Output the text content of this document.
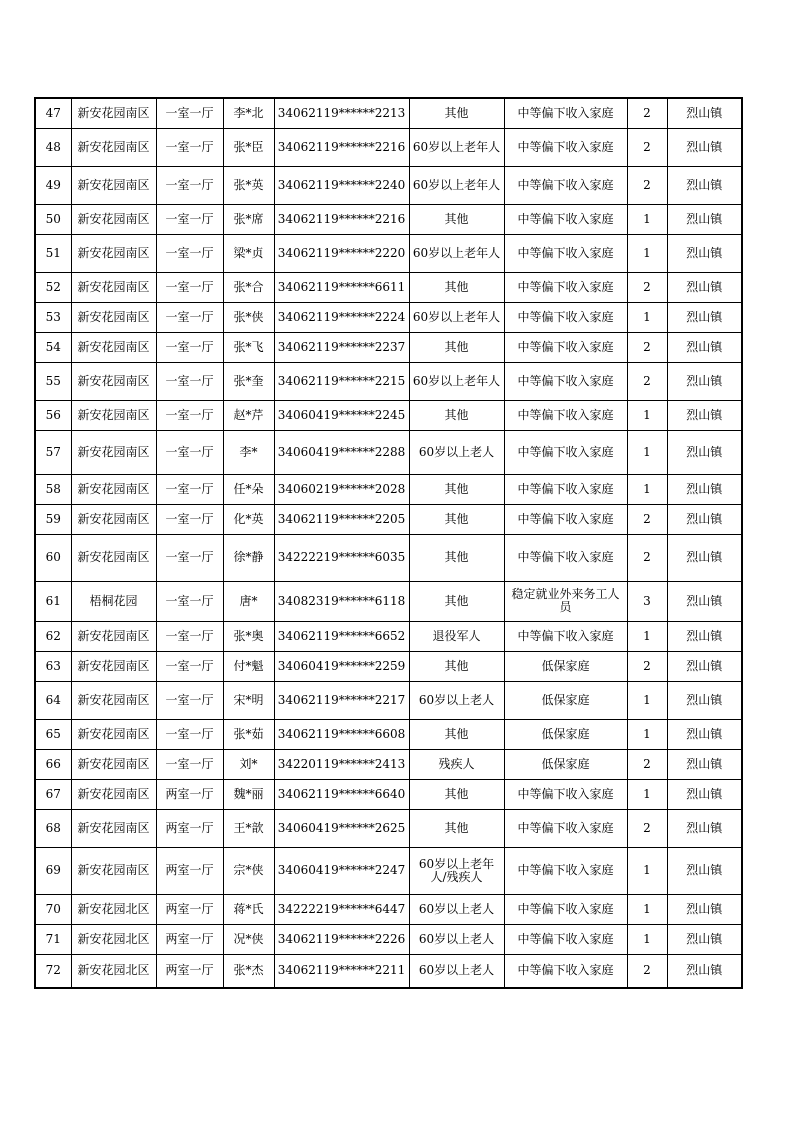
47	新安花园南区	一室一厅	李*北	34062119******2213	其他	中等偏下收入家庭	2	烈山镇
48	新安花园南区	一室一厅	张*臣	34062119******2216	60岁以上老年人	中等偏下收入家庭	2	烈山镇
49	新安花园南区	一室一厅	张*英	34062119******2240	60岁以上老年人	中等偏下收入家庭	2	烈山镇
50	新安花园南区	一室一厅	张*席	34062119******2216	其他	中等偏下收入家庭	1	烈山镇
51	新安花园南区	一室一厅	梁*贞	34062119******2220	60岁以上老年人	中等偏下收入家庭	1	烈山镇
52	新安花园南区	一室一厅	张*合	34062119******6611	其他	中等偏下收入家庭	2	烈山镇
53	新安花园南区	一室一厅	张*侠	34062119******2224	60岁以上老年人	中等偏下收入家庭	1	烈山镇
54	新安花园南区	一室一厅	张*飞	34062119******2237	其他	中等偏下收入家庭	2	烈山镇
55	新安花园南区	一室一厅	张*奎	34062119******2215	60岁以上老年人	中等偏下收入家庭	2	烈山镇
56	新安花园南区	一室一厅	赵*芹	34060419******2245	其他	中等偏下收入家庭	1	烈山镇
57	新安花园南区	一室一厅	李*	34060419******2288	60岁以上老人	中等偏下收入家庭	1	烈山镇
58	新安花园南区	一室一厅	任*朵	34060219******2028	其他	中等偏下收入家庭	1	烈山镇
59	新安花园南区	一室一厅	化*英	34062119******2205	其他	中等偏下收入家庭	2	烈山镇
60	新安花园南区	一室一厅	徐*静	34222219******6035	其他	中等偏下收入家庭	2	烈山镇
61	梧桐花园	一室一厅	唐*	34082319******6118	其他	稳定就业外来务工人员	3	烈山镇
62	新安花园南区	一室一厅	张*奥	34062119******6652	退役军人	中等偏下收入家庭	1	烈山镇
63	新安花园南区	一室一厅	付*魁	34060419******2259	其他	低保家庭	2	烈山镇
64	新安花园南区	一室一厅	宋*明	34062119******2217	60岁以上老人	低保家庭	1	烈山镇
65	新安花园南区	一室一厅	张*茹	34062119******6608	其他	低保家庭	1	烈山镇
66	新安花园南区	一室一厅	刘*	34220119******2413	残疾人	低保家庭	2	烈山镇
67	新安花园南区	两室一厅	魏*丽	34062119******6640	其他	中等偏下收入家庭	1	烈山镇
68	新安花园南区	两室一厅	王*歆	34060419******2625	其他	中等偏下收入家庭	2	烈山镇
69	新安花园南区	两室一厅	宗*侠	34060419******2247	60岁以上老年人/残疾人	中等偏下收入家庭	1	烈山镇
70	新安花园北区	两室一厅	蒋*氏	34222219******6447	60岁以上老人	中等偏下收入家庭	1	烈山镇
71	新安花园北区	两室一厅	况*侠	34062119******2226	60岁以上老人	中等偏下收入家庭	1	烈山镇
72	新安花园北区	两室一厅	张*杰	34062119******2211	60岁以上老人	中等偏下收入家庭	2	烈山镇
